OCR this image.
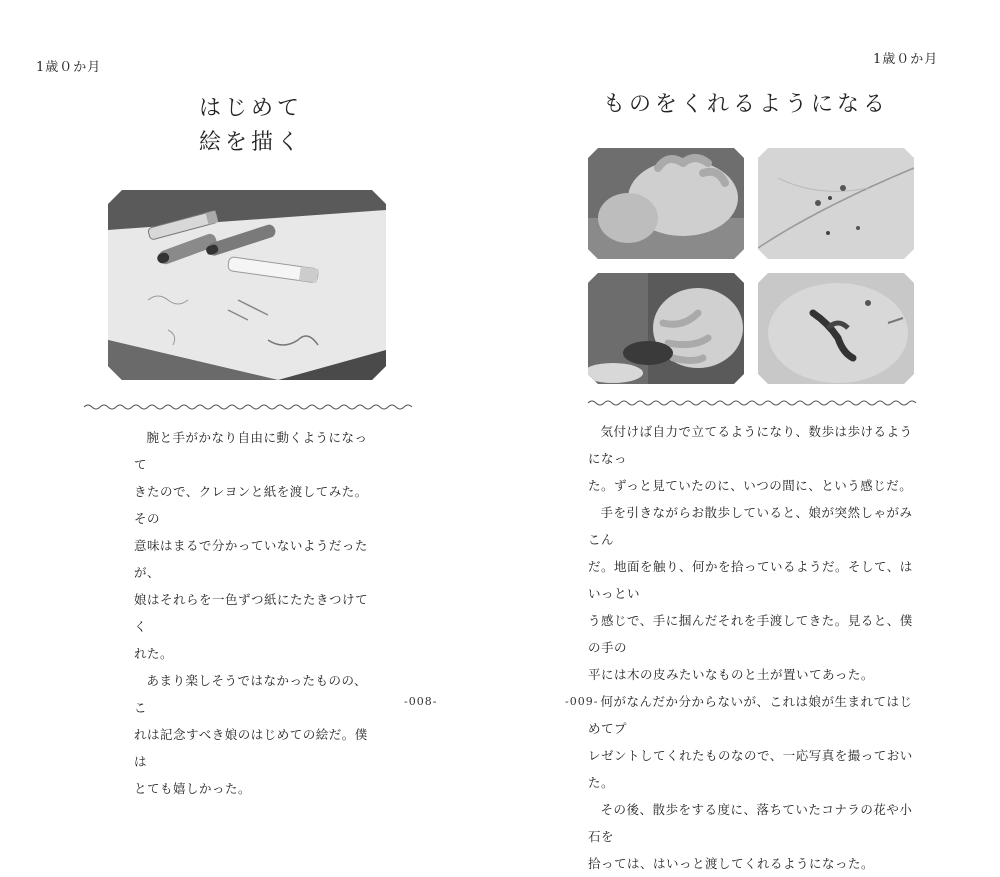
1歳０か月
はじめて
絵を描く

腕と手がかなり自由に動くようになって

きたので、クレヨンと紙を渡してみた。その

意味はまるで分かっていないようだったが、

娘はそれらを一色ずつ紙にたたきつけてく

れた。

あまり楽しそうではなかったものの、こ

れは記念すべき娘のはじめての絵だ。僕は

とても嬉しかった。

-008-
1歳０か月
ものをくれるようになる

気付けば自力で立てるようになり、数歩は歩けるようになっ

た。ずっと見ていたのに、いつの間に、という感じだ。

手を引きながらお散歩していると、娘が突然しゃがみこん

だ。地面を触り、何かを拾っているようだ。そして、はいっとい

う感じで、手に掴んだそれを手渡してきた。見ると、僕の手の

平には木の皮みたいなものと土が置いてあった。

何がなんだか分からないが、これは娘が生まれてはじめてプ

レゼントしてくれたものなので、一応写真を撮っておいた。

その後、散歩をする度に、落ちていたコナラの花や小石を

拾っては、はいっと渡してくれるようになった。

-009-
